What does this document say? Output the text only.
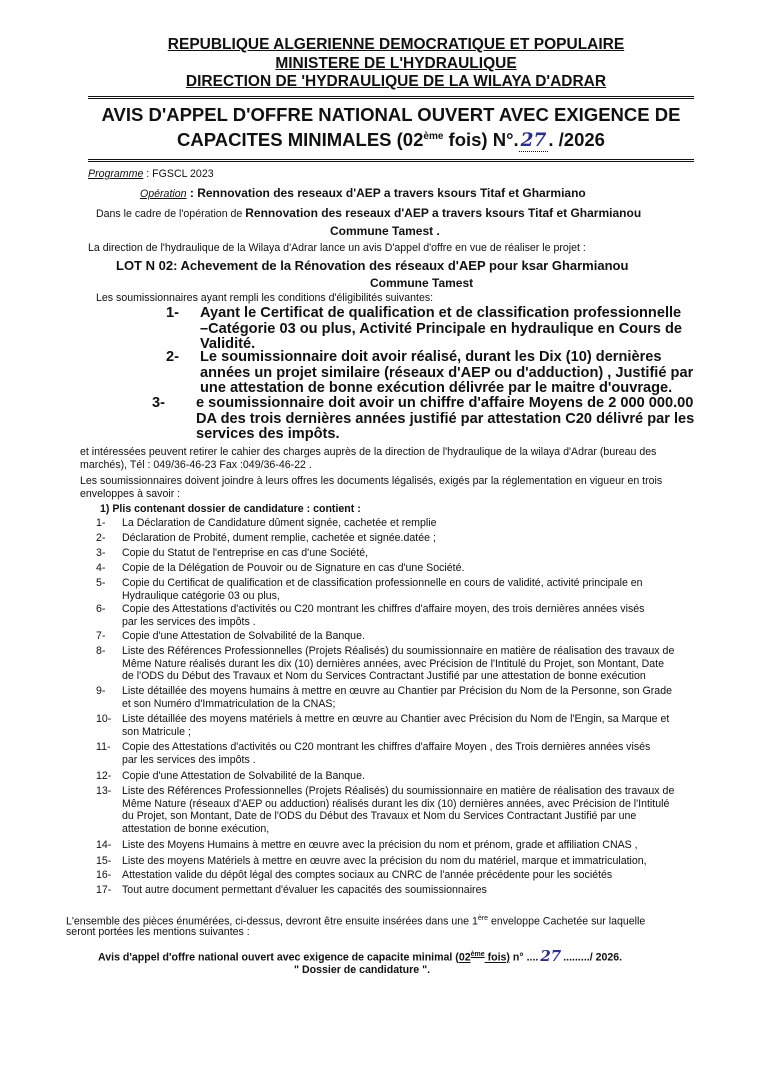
REPUBLIQUE ALGERIENNE DEMOCRATIQUE ET POPULAIRE
MINISTERE DE L'HYDRAULIQUE
DIRECTION DE 'HYDRAULIQUE DE LA WILAYA D'ADRAR
AVIS D'APPEL D'OFFRE NATIONAL OUVERT AVEC EXIGENCE DE
CAPACITES MINIMALES (02ème fois) N°. 27 . /2026
Programme : FGSCL 2023
Opération : Rennovation des reseaux d'AEP a travers ksours Titaf et Gharmiano
Dans le cadre de l'opération de Rennovation des reseaux d'AEP a travers ksours Titaf et Gharmianou
Commune Tamest .
La direction de l'hydraulique de la Wilaya d'Adrar lance un avis D'appel d'offre en vue de réaliser le projet :
LOT N 02: Achevement de la Rénovation des réseaux d'AEP pour ksar Gharmianou
Commune Tamest
Les soumissionnaires ayant rempli les conditions d'éligibilités suivantes:
1- Ayant le Certificat de qualification et de classification professionnelle
–Catégorie 03 ou plus, Activité Principale en hydraulique en Cours de
Validité.
2- Le soumissionnaire doit avoir réalisé, durant les Dix (10) dernières
années un projet similaire (réseaux d'AEP ou d'adduction) , Justifié par
une attestation de bonne exécution délivrée par le maitre d'ouvrage.
3- e soumissionnaire doit avoir un chiffre d'affaire Moyens de 2 000 000.00
DA des trois dernières années justifié par attestation C20 délivré par les
services des impôts.
et intéressées peuvent retirer le cahier des charges auprès de la direction de l'hydraulique de la wilaya d'Adrar (bureau des
marchés), Tél : 049/36-46-23 Fax :049/36-46-22 .
Les soumissionnaires doivent joindre à leurs offres les documents légalisés, exigés par la réglementation en vigueur en trois
enveloppes à savoir :
1) Plis contenant dossier de candidature : contient :
1- La Déclaration de Candidature dûment signée, cachetée et remplie
2- Déclaration de Probité, dument remplie, cachetée et signée.datée ;
3- Copie du Statut de l'entreprise en cas d'une Société,
4- Copie de la Délégation de Pouvoir ou de Signature en cas d'une Société.
5- Copie du Certificat de qualification et de classification professionnelle en cours de validité, activité principale en
Hydraulique catégorie 03 ou plus,
6- Copie des Attestations d'activités ou C20 montrant les chiffres d'affaire moyen, des trois dernières années visés
par les services des impôts .
7- Copie d'une Attestation de Solvabilité de la Banque.
8- Liste des Références Professionnelles (Projets Réalisés) du soumissionnaire en matière de réalisation des travaux de
Même Nature réalisés durant les dix (10) dernières années, avec Précision de l'Intitulé du Projet, son Montant, Date
de l'ODS du Début des Travaux et Nom du Services Contractant Justifié par une attestation de bonne exécution
9- Liste détaillée des moyens humains à mettre en œuvre au Chantier par Précision du Nom de la Personne, son Grade
et son Numéro d'Immatriculation de la CNAS;
10- Liste détaillée des moyens matériels à mettre en œuvre au Chantier avec Précision du Nom de l'Engin, sa Marque et
son Matricule ;
11- Copie des Attestations d'activités ou C20 montrant les chiffres d'affaire Moyen , des Trois dernières années visés
par les services des impôts .
12- Copie d'une Attestation de Solvabilité de la Banque.
13- Liste des Références Professionnelles (Projets Réalisés) du soumissionnaire en matière de réalisation des travaux de
Même Nature (réseaux d'AEP ou adduction) réalisés durant les dix (10) dernières années, avec Précision de l'Intitulé
du Projet, son Montant, Date de l'ODS du Début des Travaux et Nom du Services Contractant Justifié par une
attestation de bonne exécution,
14- Liste des Moyens Humains à mettre en œuvre avec la précision du nom et prénom, grade et affiliation CNAS ,
15- Liste des moyens Matériels à mettre en œuvre avec la précision du nom du matériel, marque et immatriculation,
16- Attestation valide du dépôt légal des comptes sociaux au CNRC de l'année précédente pour les sociétés
17- Tout autre document permettant d'évaluer les capacités des soumissionnaires
L'ensemble des pièces énumérées, ci-dessus, devront être ensuite insérées dans une 1ère enveloppe Cachetée sur laquelle
seront portées les mentions suivantes :
Avis d'appel d'offre national ouvert avec exigence de capacite minimal (02ème fois) n° .... 27 ........./ 2026.
" Dossier de candidature ".
